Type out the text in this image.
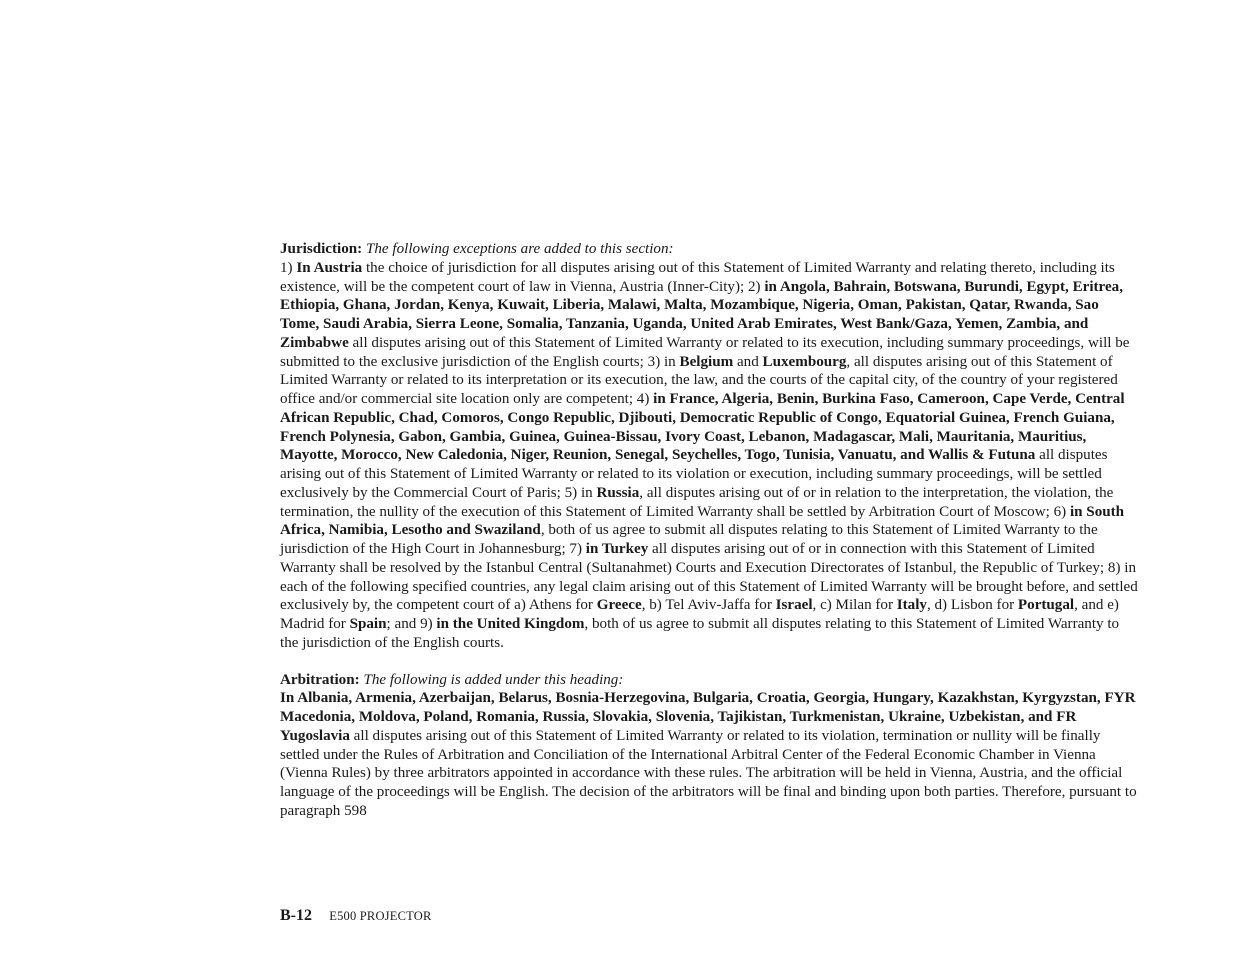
Jurisdiction: The following exceptions are added to this section:
1) In Austria the choice of jurisdiction for all disputes arising out of this Statement of Limited Warranty and relating thereto, including its existence, will be the competent court of law in Vienna, Austria (Inner-City); 2) in Angola, Bahrain, Botswana, Burundi, Egypt, Eritrea, Ethiopia, Ghana, Jordan, Kenya, Kuwait, Liberia, Malawi, Malta, Mozambique, Nigeria, Oman, Pakistan, Qatar, Rwanda, Sao Tome, Saudi Arabia, Sierra Leone, Somalia, Tanzania, Uganda, United Arab Emirates, West Bank/Gaza, Yemen, Zambia, and Zimbabwe all disputes arising out of this Statement of Limited Warranty or related to its execution, including summary proceedings, will be submitted to the exclusive jurisdiction of the English courts; 3) in Belgium and Luxembourg, all disputes arising out of this Statement of Limited Warranty or related to its interpretation or its execution, the law, and the courts of the capital city, of the country of your registered office and/or commercial site location only are competent; 4) in France, Algeria, Benin, Burkina Faso, Cameroon, Cape Verde, Central African Republic, Chad, Comoros, Congo Republic, Djibouti, Democratic Republic of Congo, Equatorial Guinea, French Guiana, French Polynesia, Gabon, Gambia, Guinea, Guinea-Bissau, Ivory Coast, Lebanon, Madagascar, Mali, Mauritania, Mauritius, Mayotte, Morocco, New Caledonia, Niger, Reunion, Senegal, Seychelles, Togo, Tunisia, Vanuatu, and Wallis & Futuna all disputes arising out of this Statement of Limited Warranty or related to its violation or execution, including summary proceedings, will be settled exclusively by the Commercial Court of Paris; 5) in Russia, all disputes arising out of or in relation to the interpretation, the violation, the termination, the nullity of the execution of this Statement of Limited Warranty shall be settled by Arbitration Court of Moscow; 6) in South Africa, Namibia, Lesotho and Swaziland, both of us agree to submit all disputes relating to this Statement of Limited Warranty to the jurisdiction of the High Court in Johannesburg; 7) in Turkey all disputes arising out of or in connection with this Statement of Limited Warranty shall be resolved by the Istanbul Central (Sultanahmet) Courts and Execution Directorates of Istanbul, the Republic of Turkey; 8) in each of the following specified countries, any legal claim arising out of this Statement of Limited Warranty will be brought before, and settled exclusively by, the competent court of a) Athens for Greece, b) Tel Aviv-Jaffa for Israel, c) Milan for Italy, d) Lisbon for Portugal, and e) Madrid for Spain; and 9) in the United Kingdom, both of us agree to submit all disputes relating to this Statement of Limited Warranty to the jurisdiction of the English courts.
Arbitration: The following is added under this heading:
In Albania, Armenia, Azerbaijan, Belarus, Bosnia-Herzegovina, Bulgaria, Croatia, Georgia, Hungary, Kazakhstan, Kyrgyzstan, FYR Macedonia, Moldova, Poland, Romania, Russia, Slovakia, Slovenia, Tajikistan, Turkmenistan, Ukraine, Uzbekistan, and FR Yugoslavia all disputes arising out of this Statement of Limited Warranty or related to its violation, termination or nullity will be finally settled under the Rules of Arbitration and Conciliation of the International Arbitral Center of the Federal Economic Chamber in Vienna (Vienna Rules) by three arbitrators appointed in accordance with these rules. The arbitration will be held in Vienna, Austria, and the official language of the proceedings will be English. The decision of the arbitrators will be final and binding upon both parties. Therefore, pursuant to paragraph 598
B-12 E500 PROJECTOR
